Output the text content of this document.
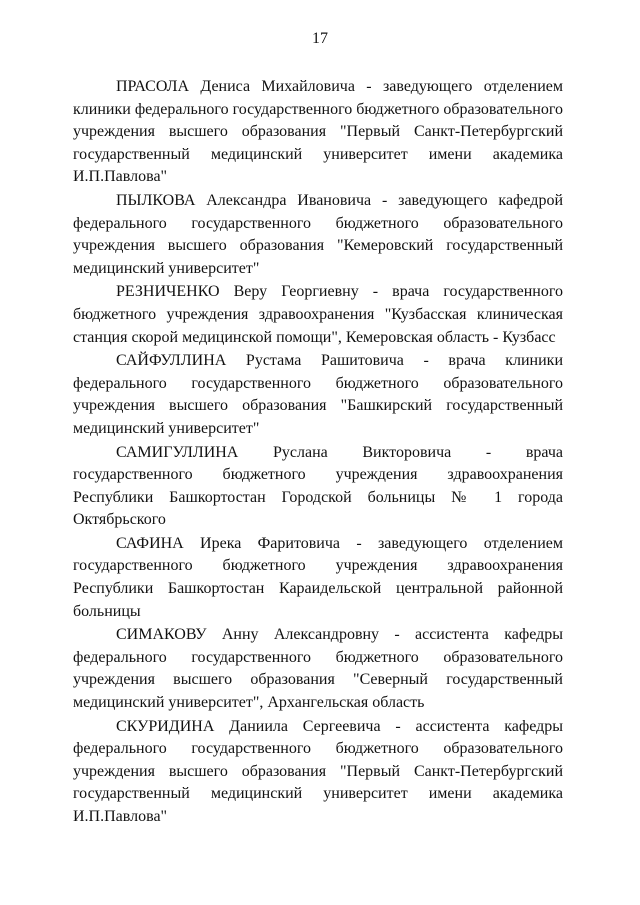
17

ПРАСОЛА Дениса Михайловича - заведующего отделением клиники федерального государственного бюджетного образовательного учреждения высшего образования "Первый Санкт-Петербургский государственный медицинский университет имени академика И.П.Павлова"

ПЫЛКОВА Александра Ивановича - заведующего кафедрой федерального государственного бюджетного образовательного учреждения высшего образования "Кемеровский государственный медицинский университет"

РЕЗНИЧЕНКО Веру Георгиевну - врача государственного бюджетного учреждения здравоохранения "Кузбасская клиническая станция скорой медицинской помощи", Кемеровская область - Кузбасс

САЙФУЛЛИНА Рустама Рашитовича - врача клиники федерального государственного бюджетного образовательного учреждения высшего образования "Башкирский государственный медицинский университет"

САМИГУЛЛИНА Руслана Викторовича - врача государственного бюджетного учреждения здравоохранения Республики Башкортостан Городской больницы № 1 города Октябрьского

САФИНА Ирека Фаритовича - заведующего отделением государственного бюджетного учреждения здравоохранения Республики Башкортостан Караидельской центральной районной больницы

СИМАКОВУ Анну Александровну - ассистента кафедры федерального государственного бюджетного образовательного учреждения высшего образования "Северный государственный медицинский университет", Архангельская область

СКУРИДИНА Даниила Сергеевича - ассистента кафедры федерального государственного бюджетного образовательного учреждения высшего образования "Первый Санкт-Петербургский государственный медицинский университет имени академика И.П.Павлова"
